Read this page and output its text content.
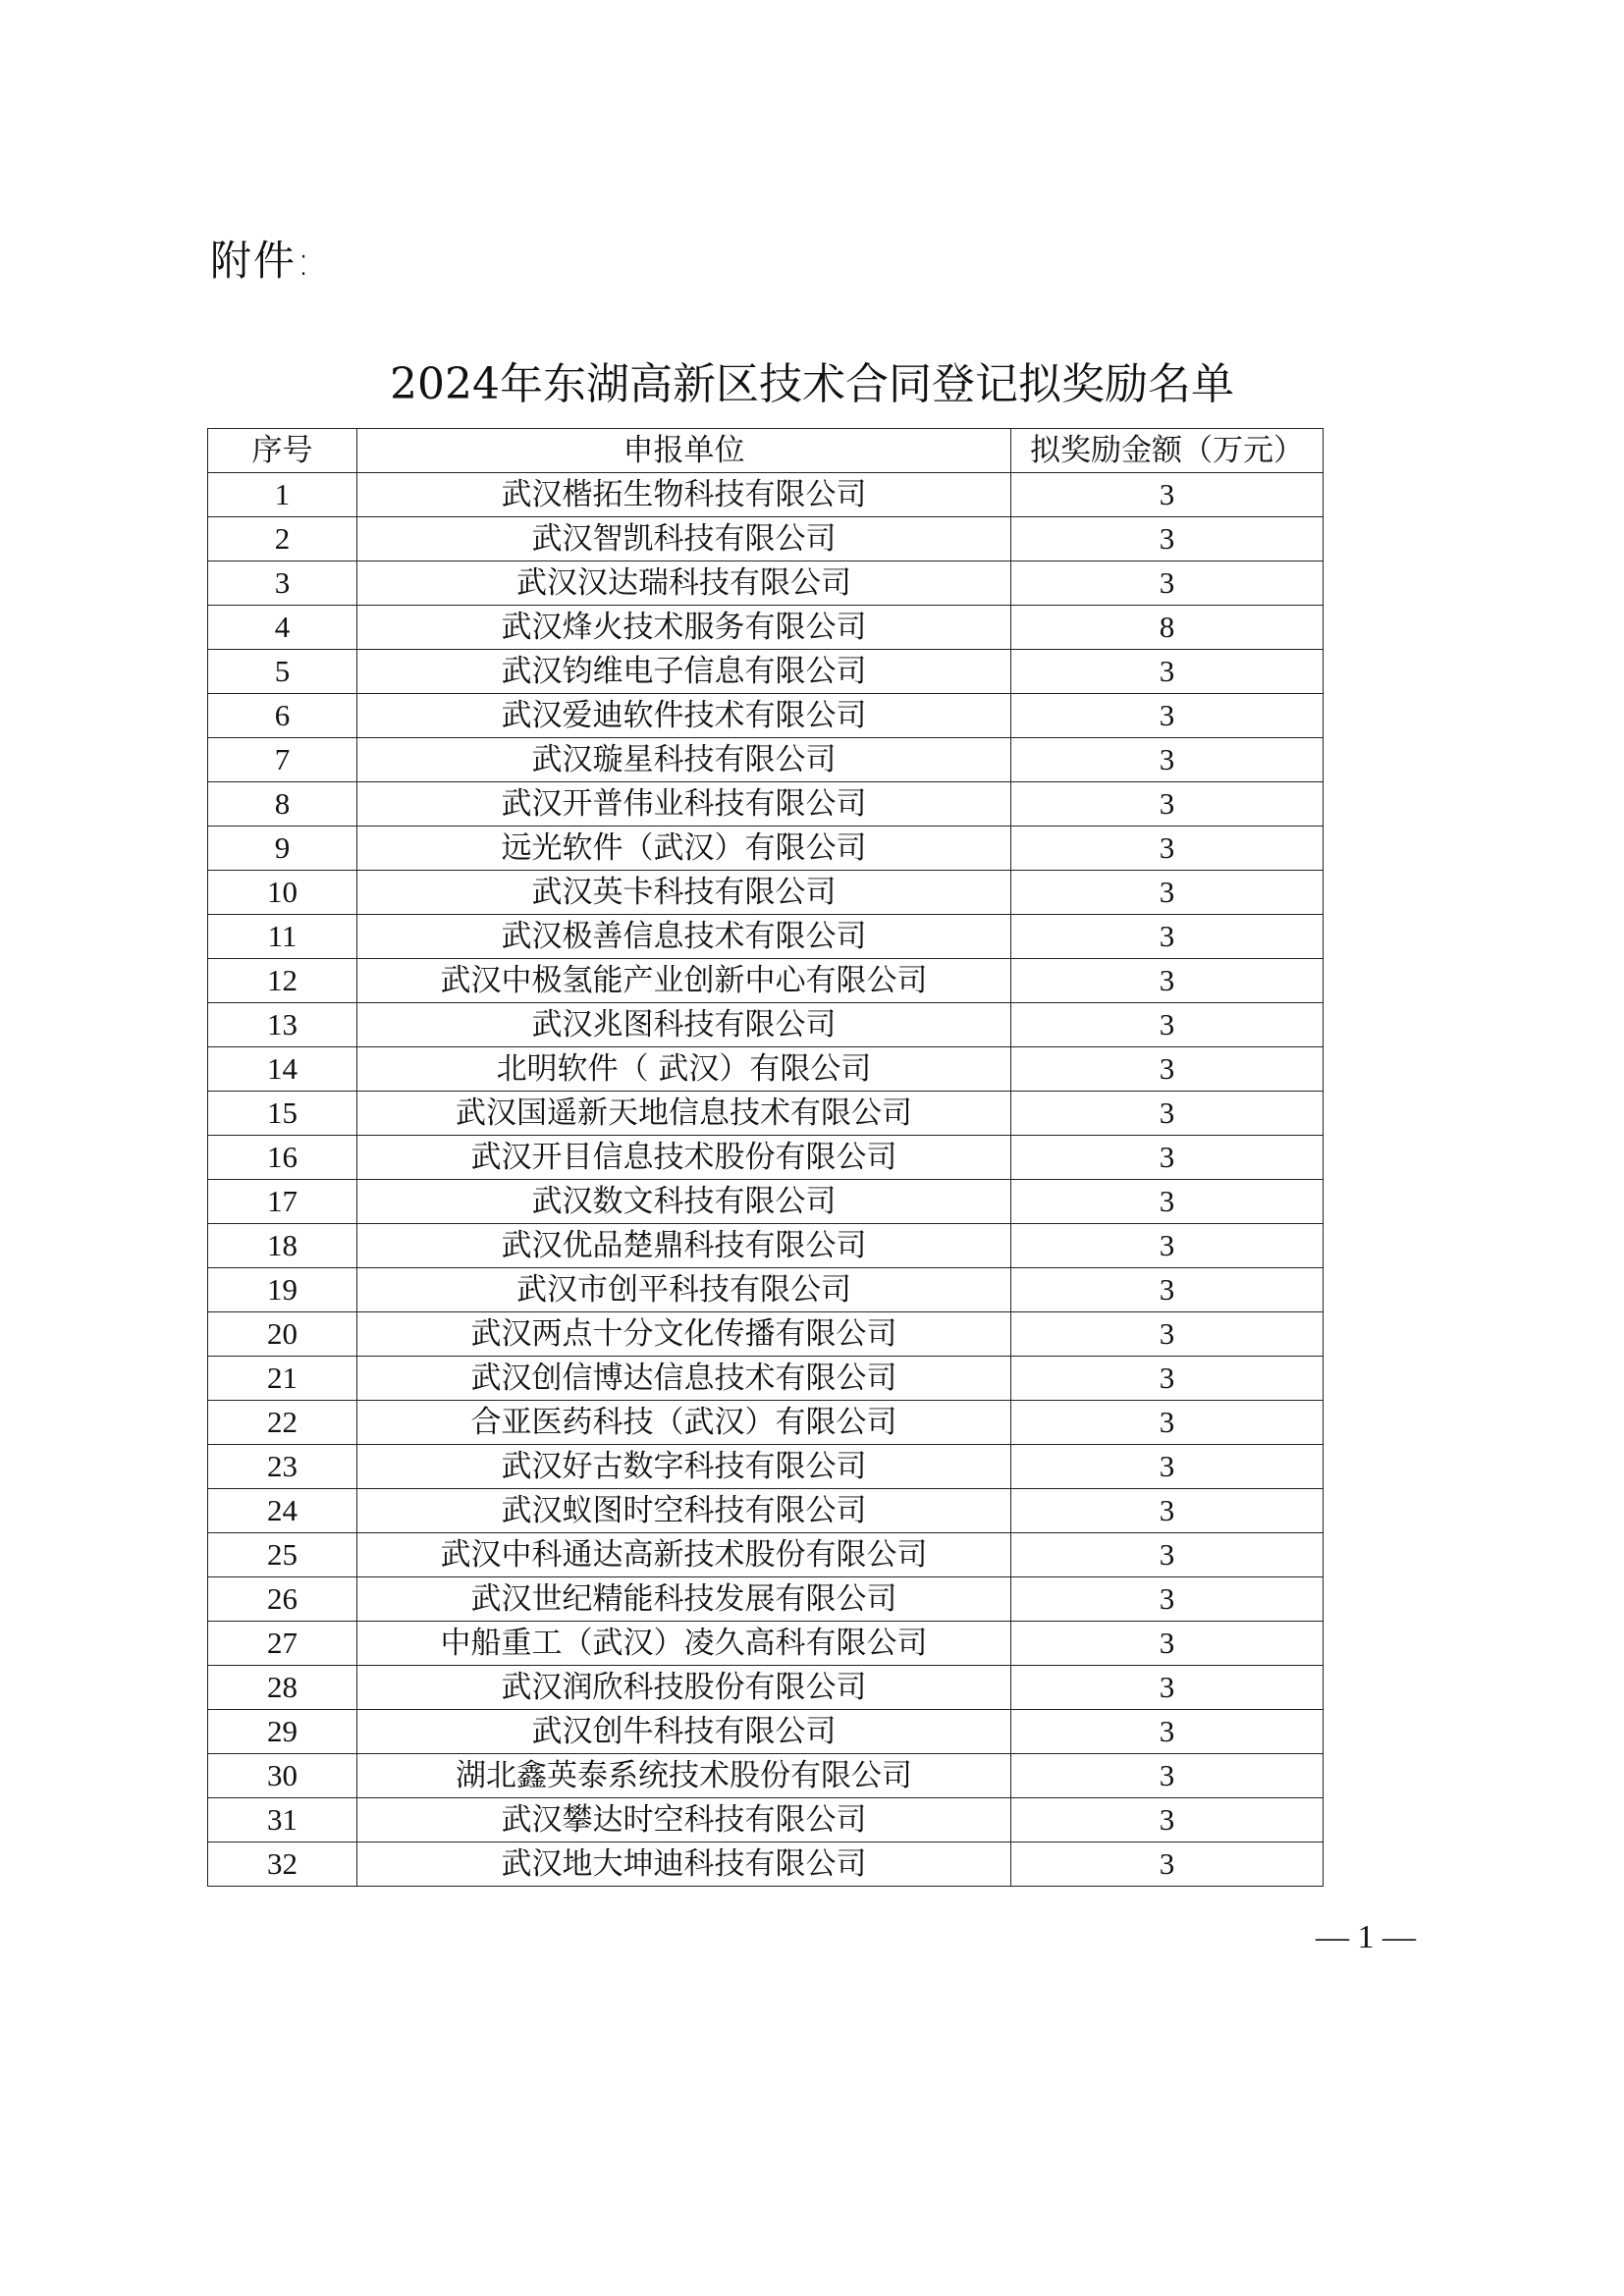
附件:
2024年东湖高新区技术合同登记拟奖励名单
序号	申报单位	拟奖励金额（万元）
1	武汉楷拓生物科技有限公司	3
2	武汉智凯科技有限公司	3
3	武汉汉达瑞科技有限公司	3
4	武汉烽火技术服务有限公司	8
5	武汉钧维电子信息有限公司	3
6	武汉爱迪软件技术有限公司	3
7	武汉璇星科技有限公司	3
8	武汉开普伟业科技有限公司	3
9	远光软件（武汉）有限公司	3
10	武汉英卡科技有限公司	3
11	武汉极善信息技术有限公司	3
12	武汉中极氢能产业创新中心有限公司	3
13	武汉兆图科技有限公司	3
14	北明软件（ 武汉）有限公司	3
15	武汉国遥新天地信息技术有限公司	3
16	武汉开目信息技术股份有限公司	3
17	武汉数文科技有限公司	3
18	武汉优品楚鼎科技有限公司	3
19	武汉市创平科技有限公司	3
20	武汉两点十分文化传播有限公司	3
21	武汉创信博达信息技术有限公司	3
22	合亚医药科技（武汉）有限公司	3
23	武汉好古数字科技有限公司	3
24	武汉蚁图时空科技有限公司	3
25	武汉中科通达高新技术股份有限公司	3
26	武汉世纪精能科技发展有限公司	3
27	中船重工（武汉）凌久高科有限公司	3
28	武汉润欣科技股份有限公司	3
29	武汉创牛科技有限公司	3
30	湖北鑫英泰系统技术股份有限公司	3
31	武汉攀达时空科技有限公司	3
32	武汉地大坤迪科技有限公司	3
— 1 —
